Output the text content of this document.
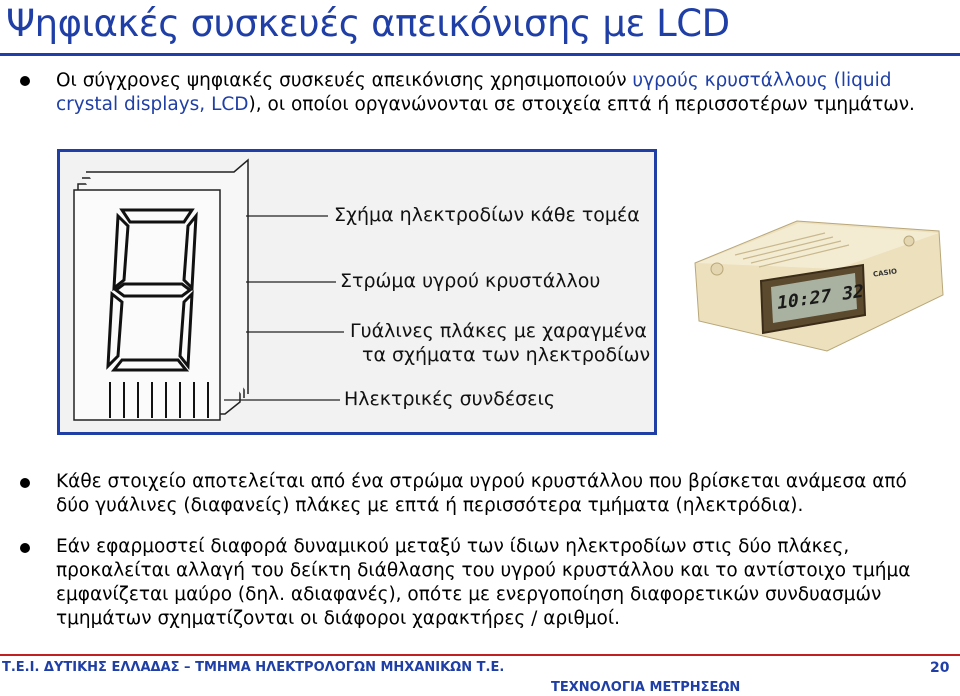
Ψηφιακές συσκευές απεικόνισης με LCD
Οι σύγχρονες ψηφιακές συσκευές απεικόνισης χρησιμοποιούν υγρούς κρυστάλλους (liquid crystal displays, LCD), οι οποίοι οργανώνονται σε στοιχεία επτά ή περισσοτέρων τμημάτων.
Σχήμα ηλεκτροδίων κάθε τομέα
Στρώμα υγρού κρυστάλλου
Γυάλινες πλάκες με χαραγμένα
τα σχήματα των ηλεκτροδίων
Ηλεκτρικές συνδέσεις
10:27 32
CASIO
Κάθε στοιχείο αποτελείται από ένα στρώμα υγρού κρυστάλλου που βρίσκεται ανάμεσα από δύο γυάλινες (διαφανείς) πλάκες με επτά ή περισσότερα τμήματα (ηλεκτρόδια).
Εάν εφαρμοστεί διαφορά δυναμικού μεταξύ των ίδιων ηλεκτροδίων στις δύο πλάκες, προκαλείται αλλαγή του δείκτη διάθλασης του υγρού κρυστάλλου και το αντίστοιχο τμήμα εμφανίζεται μαύρο (δηλ. αδιαφανές), οπότε με ενεργοποίηση διαφορετικών συνδυασμών τμημάτων σχηματίζονται οι διάφοροι χαρακτήρες / αριθμοί.
Τ.Ε.Ι. ΔΥΤΙΚΗΣ ΕΛΛΑΔΑΣ – ΤΜΗΜΑ ΗΛΕΚΤΡΟΛΟΓΩΝ ΜΗΧΑΝΙΚΩΝ Τ.Ε.
ΤΕΧΝΟΛΟΓΙΑ ΜΕΤΡΗΣΕΩΝ
20
